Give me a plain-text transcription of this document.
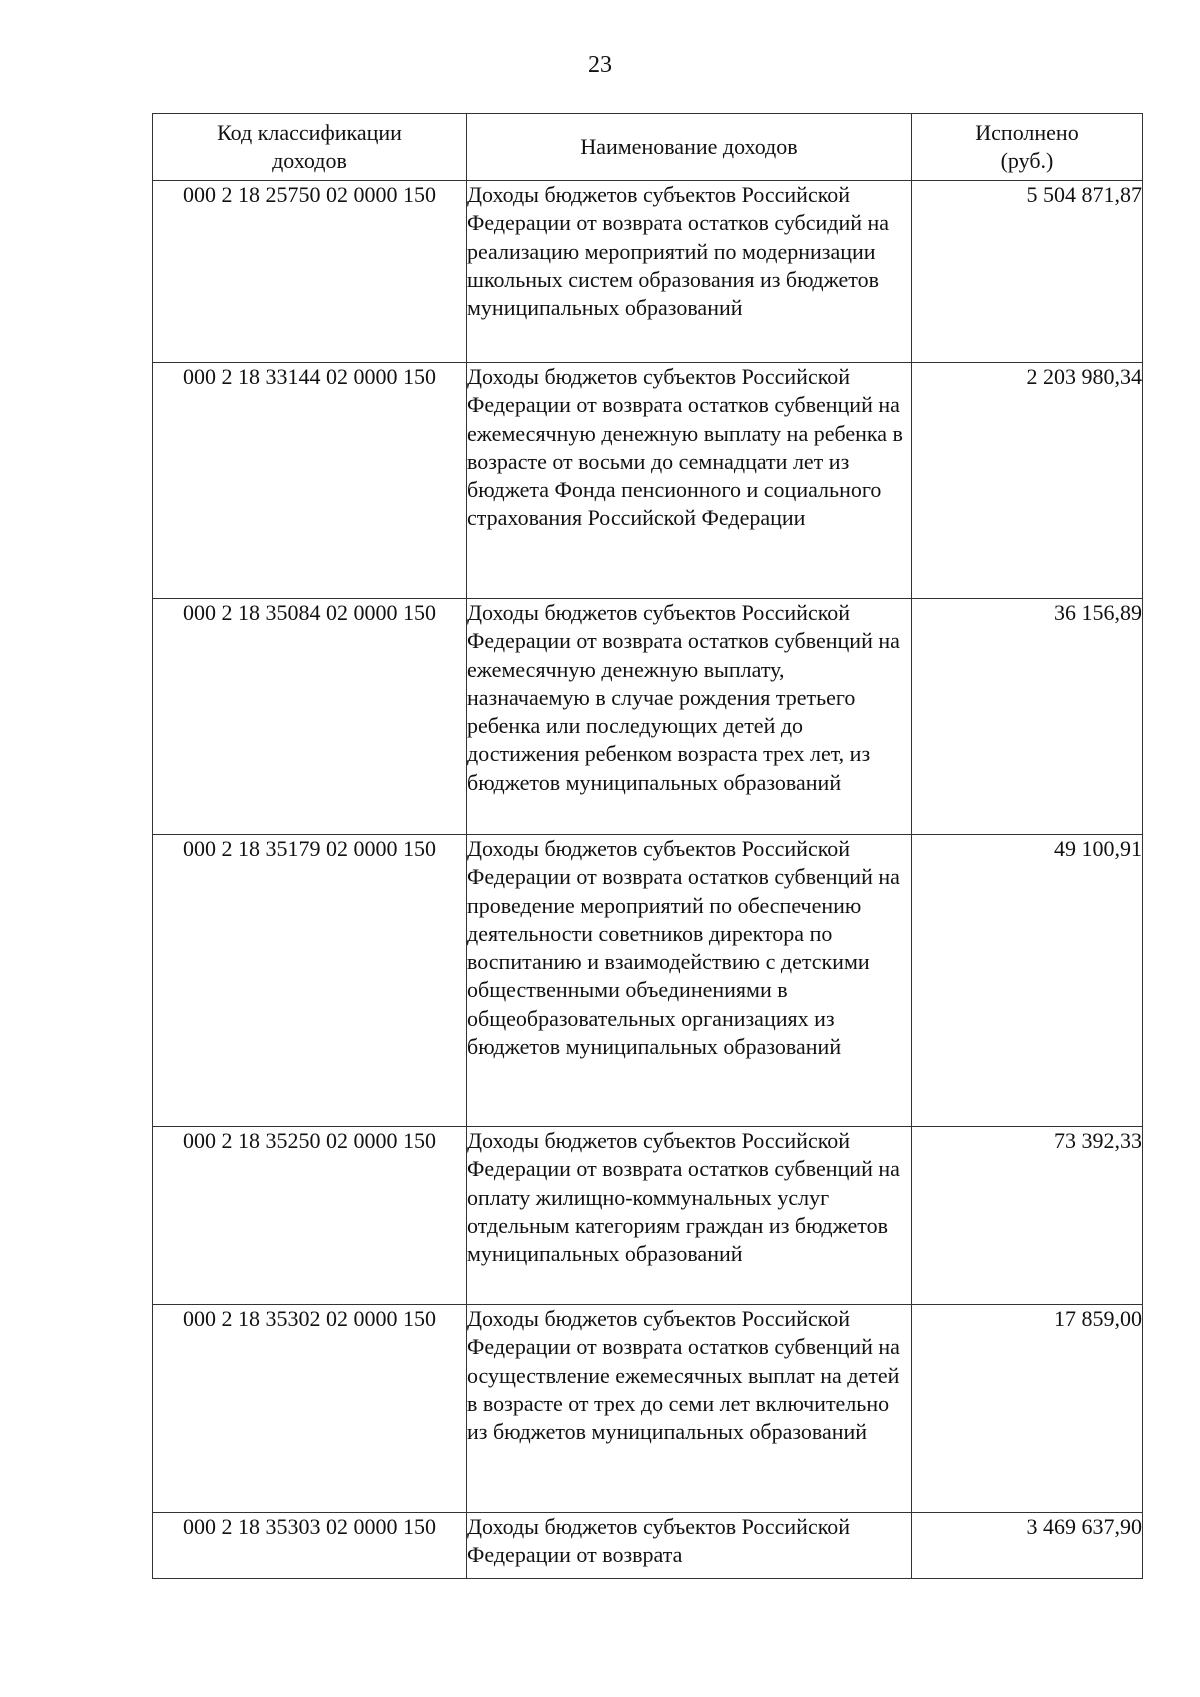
23
Код классификации доходов	Наименование доходов	Исполнено (руб.)
000 2 18 25750 02 0000 150	Доходы бюджетов субъектов Российской Федерации от возврата остатков субсидий на реализацию мероприятий по модернизации школьных систем образования из бюджетов муниципальных образований	5 504 871,87
000 2 18 33144 02 0000 150	Доходы бюджетов субъектов Российской Федерации от возврата остатков субвенций на ежемесячную денежную выплату на ребенка в возрасте от восьми до семнадцати лет из бюджета Фонда пенсионного и социального страхования Российской Федерации	2 203 980,34
000 2 18 35084 02 0000 150	Доходы бюджетов субъектов Российской Федерации от возврата остатков субвенций на ежемесячную денежную выплату, назначаемую в случае рождения третьего ребенка или последующих детей до достижения ребенком возраста трех лет, из бюджетов муниципальных образований	36 156,89
000 2 18 35179 02 0000 150	Доходы бюджетов субъектов Российской Федерации от возврата остатков субвенций на проведение мероприятий по обеспечению деятельности советников директора по воспитанию и взаимодействию с детскими общественными объединениями в общеобразовательных организациях из бюджетов муниципальных образований	49 100,91
000 2 18 35250 02 0000 150	Доходы бюджетов субъектов Российской Федерации от возврата остатков субвенций на оплату жилищно-коммунальных услуг отдельным категориям граждан из бюджетов муниципальных образований	73 392,33
000 2 18 35302 02 0000 150	Доходы бюджетов субъектов Российской Федерации от возврата остатков субвенций на осуществление ежемесячных выплат на детей в возрасте от трех до семи лет включительно из бюджетов муниципальных образований	17 859,00
000 2 18 35303 02 0000 150	Доходы бюджетов субъектов Российской Федерации от возврата	3 469 637,90
